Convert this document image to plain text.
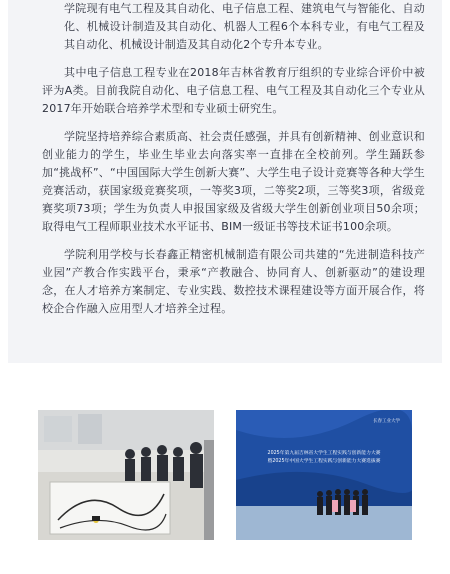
学院现有电气工程及其自动化、电子信息工程、建筑电气与智能化、自动化、机械设计制造及其自动化、机器人工程6个本科专业，有电气工程及其自动化、机械设计制造及其自动化2个专升本专业。

其中电子信息工程专业在2018年吉林省教育厅组织的专业综合评价中被评为A类。目前我院自动化、电子信息工程、电气工程及其自动化三个专业从2017年开始联合培养学术型和专业硕士研究生。

学院坚持培养综合素质高、社会责任感强，并具有创新精神、创业意识和创业能力的学生，毕业生毕业去向落实率一直排在全校前列。学生踊跃参加“挑战杯”、“中国国际大学生创新大赛”、大学生电子设计竞赛等各种大学生竞赛活动，获国家级竞赛奖项，一等奖3项，二等奖2项，三等奖3项，省级竞赛奖项73项；学生为负责人申报国家级及省级大学生创新创业项目50余项；取得电气工程师职业技术水平证书、BIM一级证书等技术证书100余项。

学院利用学校与长春鑫正精密机械制造有限公司共建的“先进制造科技产业园”产教合作实践平台，秉承“产教融合、协同育人、创新驱动”的建设理念，在人才培养方案制定、专业实践、数控技术课程建设等方面开展合作，将校企合作融入应用型人才培养全过程。

长春工业大学
2025年第九届吉林省大学生工程实践与创新能力大赛
暨2025年中国大学生工程实践与创新能力大赛选拔赛
